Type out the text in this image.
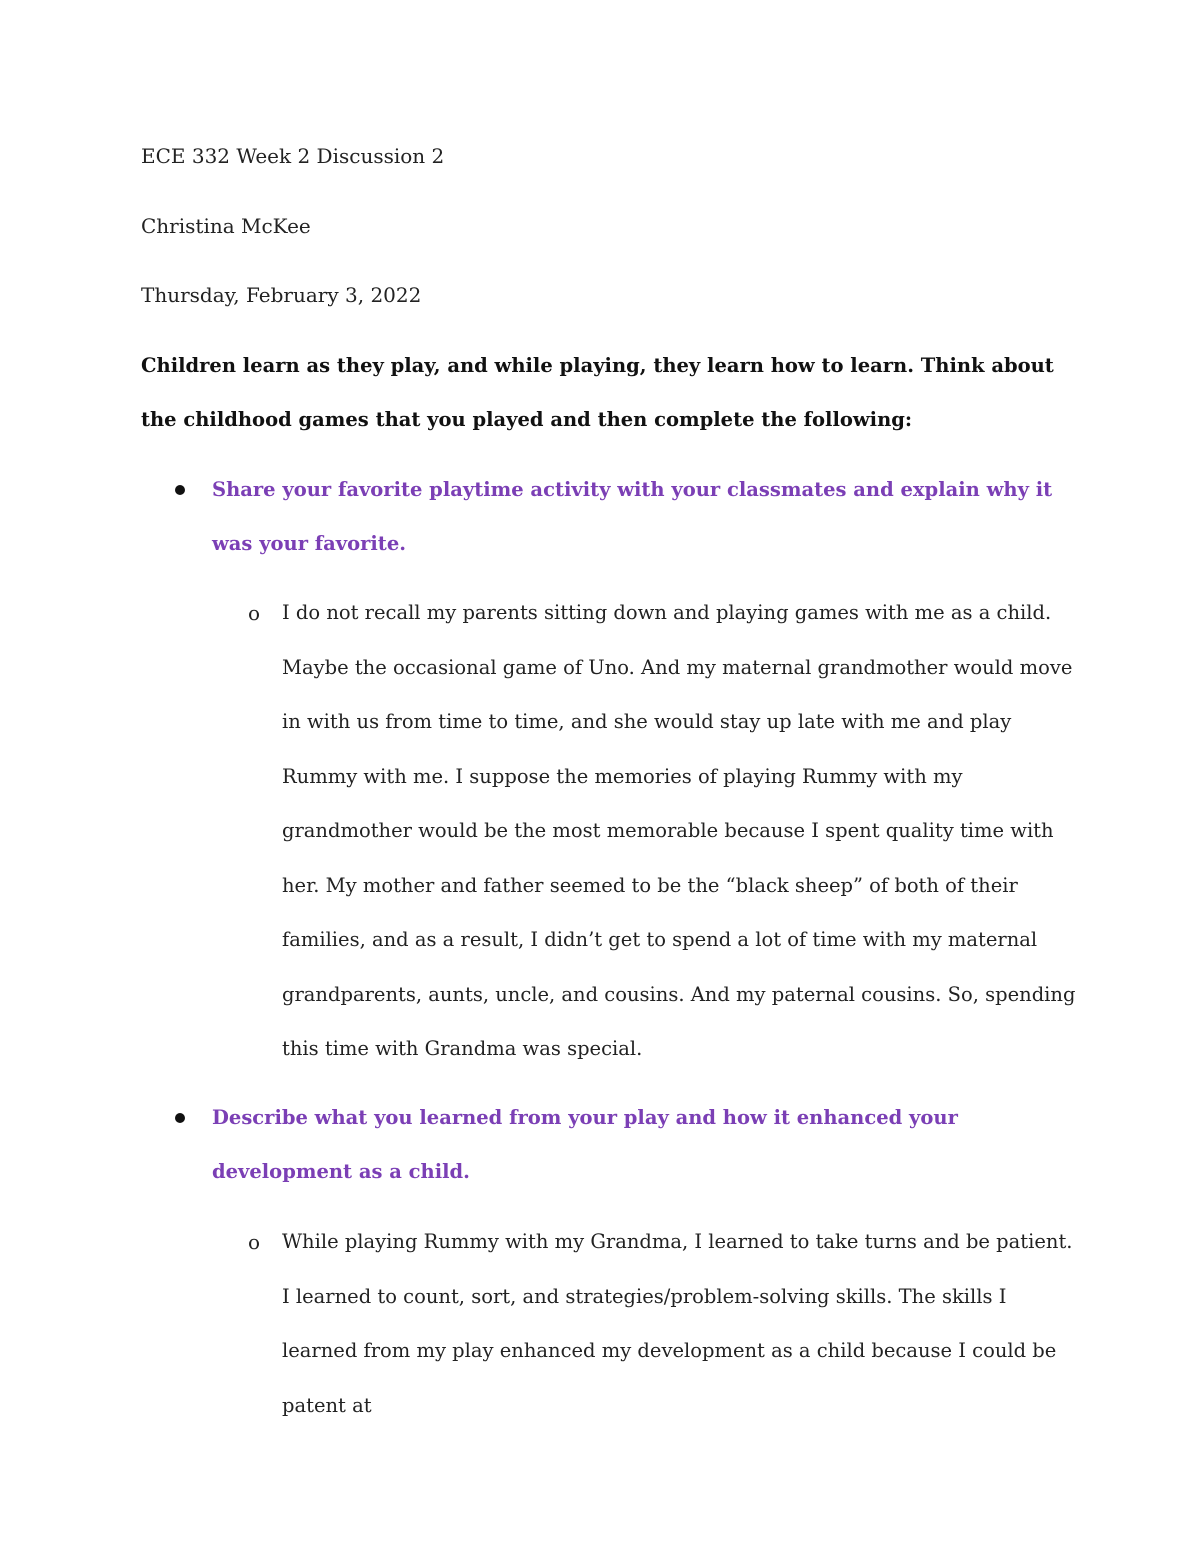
ECE 332 Week 2 Discussion 2
Christina McKee
Thursday, February 3, 2022
Children learn as they play, and while playing, they learn how to learn. Think about the childhood games that you played and then complete the following:
Share your favorite playtime activity with your classmates and explain why it was your favorite.
o I do not recall my parents sitting down and playing games with me as a child. Maybe the occasional game of Uno. And my maternal grandmother would move in with us from time to time, and she would stay up late with me and play Rummy with me. I suppose the memories of playing Rummy with my grandmother would be the most memorable because I spent quality time with her. My mother and father seemed to be the “black sheep” of both of their families, and as a result, I didn’t get to spend a lot of time with my maternal grandparents, aunts, uncle, and cousins. And my paternal cousins. So, spending this time with Grandma was special.
Describe what you learned from your play and how it enhanced your development as a child.
o While playing Rummy with my Grandma, I learned to take turns and be patient. I learned to count, sort, and strategies/problem-solving skills. The skills I learned from my play enhanced my development as a child because I could be patent at
